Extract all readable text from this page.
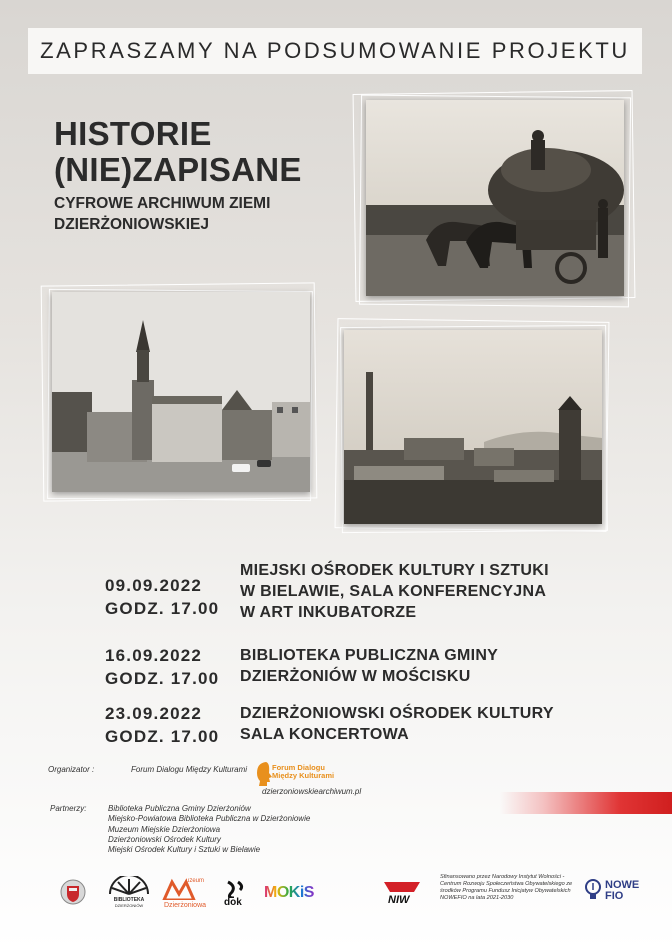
ZAPRASZAMY NA PODSUMOWANIE PROJEKTU
HISTORIE
(NIE)ZAPISANE
CYFROWE ARCHIWUM ZIEMI DZIERŻONIOWSKIEJ
09.09.2022
GODZ. 17.00
MIEJSKI OŚRODEK KULTURY I SZTUKI
W BIELAWIE, SALA KONFERENCYJNA
W ART INKUBATORZE
16.09.2022
GODZ. 17.00
BIBLIOTEKA PUBLICZNA GMINY
DZIERŻONIÓW W MOŚCISKU
23.09.2022
GODZ. 17.00
DZIERŻONIOWSKI OŚRODEK KULTURY
SALA KONCERTOWA
Organizator :	Forum Dialogu Między Kulturami	Forum Dialogu Między Kulturami
dzierzoniowskiearchiwum.pl
Partnerzy:	Biblioteka Publiczna Gminy Dzierżoniów
Miejsko-Powiatowa Biblioteka Publiczna w Dzierżoniowie
Muzeum Miejskie Dzierżoniowa
Dzierżoniowski Ośrodek Kultury
Miejski Ośrodek Kultury i Sztuki w Bielawie
BIBLIOTEKA
DZIERŻONIÓW
uzeum
Dzierżoniowa dok
MOKiS	NIW
Sfinansowano przez Narodowy Instytut Wolności - Centrum Rozwoju Społeczeństwa Obywatelskiego ze środków Programu Fundusz Inicjatyw Obywatelskich NOWEFIO na lata 2021-2030
NOWE
FIO
